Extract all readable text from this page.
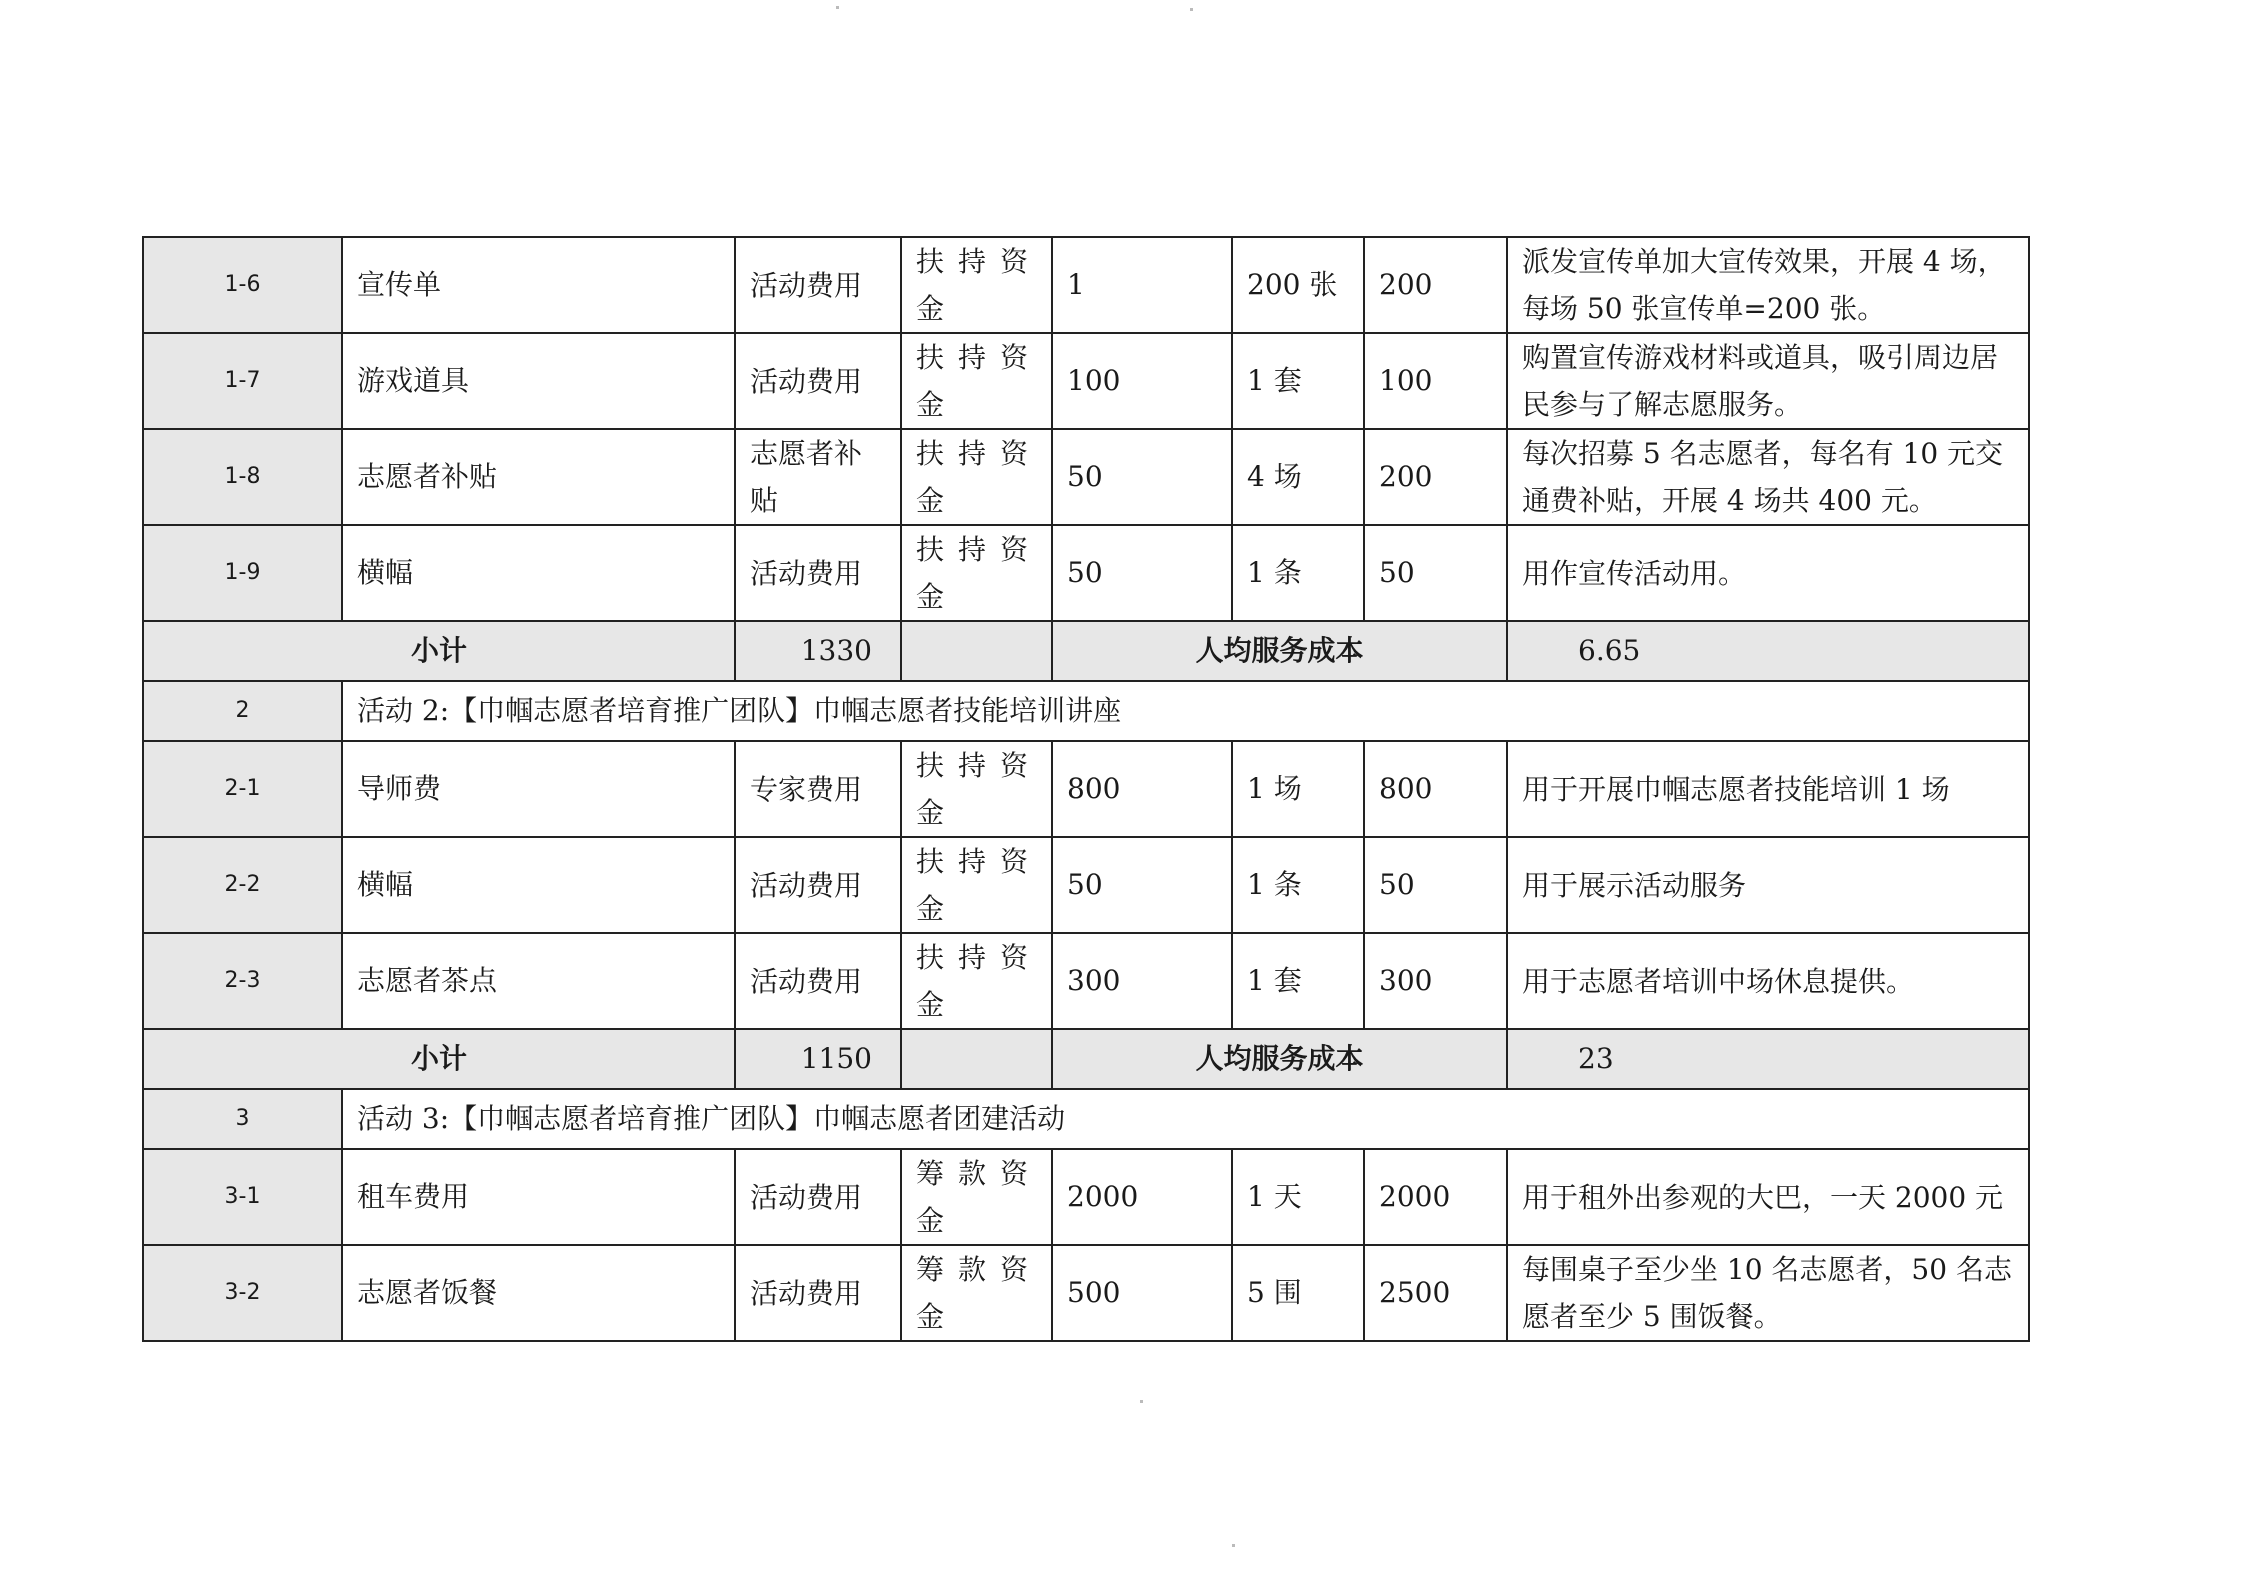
1-6	宣传单	活动费用	扶持资金	1	200 张	200	派发宣传单加大宣传效果，开展 4 场，每场 50 张宣传单=200 张。
1-7	游戏道具	活动费用	扶持资金	100	1 套	100	购置宣传游戏材料或道具，吸引周边居民参与了解志愿服务。
1-8	志愿者补贴	志愿者补贴	扶持资金	50	4 场	200	每次招募 5 名志愿者，每名有 10 元交通费补贴，开展 4 场共 400 元。
1-9	横幅	活动费用	扶持资金	50	1 条	50	用作宣传活动用。
小计		1330		人均服务成本			6.65
2	活动 2:【巾帼志愿者培育推广团队】巾帼志愿者技能培训讲座						
2-1	导师费	专家费用	扶持资金	800	1 场	800	用于开展巾帼志愿者技能培训 1 场
2-2	横幅	活动费用	扶持资金	50	1 条	50	用于展示活动服务
2-3	志愿者茶点	活动费用	扶持资金	300	1 套	300	用于志愿者培训中场休息提供。
小计		1150		人均服务成本			23
3	活动 3:【巾帼志愿者培育推广团队】巾帼志愿者团建活动						
3-1	租车费用	活动费用	筹款资金	2000	1 天	2000	用于租外出参观的大巴，一天 2000 元
3-2	志愿者饭餐	活动费用	筹款资金	500	5 围	2500	每围桌子至少坐 10 名志愿者，50 名志愿者至少 5 围饭餐。
